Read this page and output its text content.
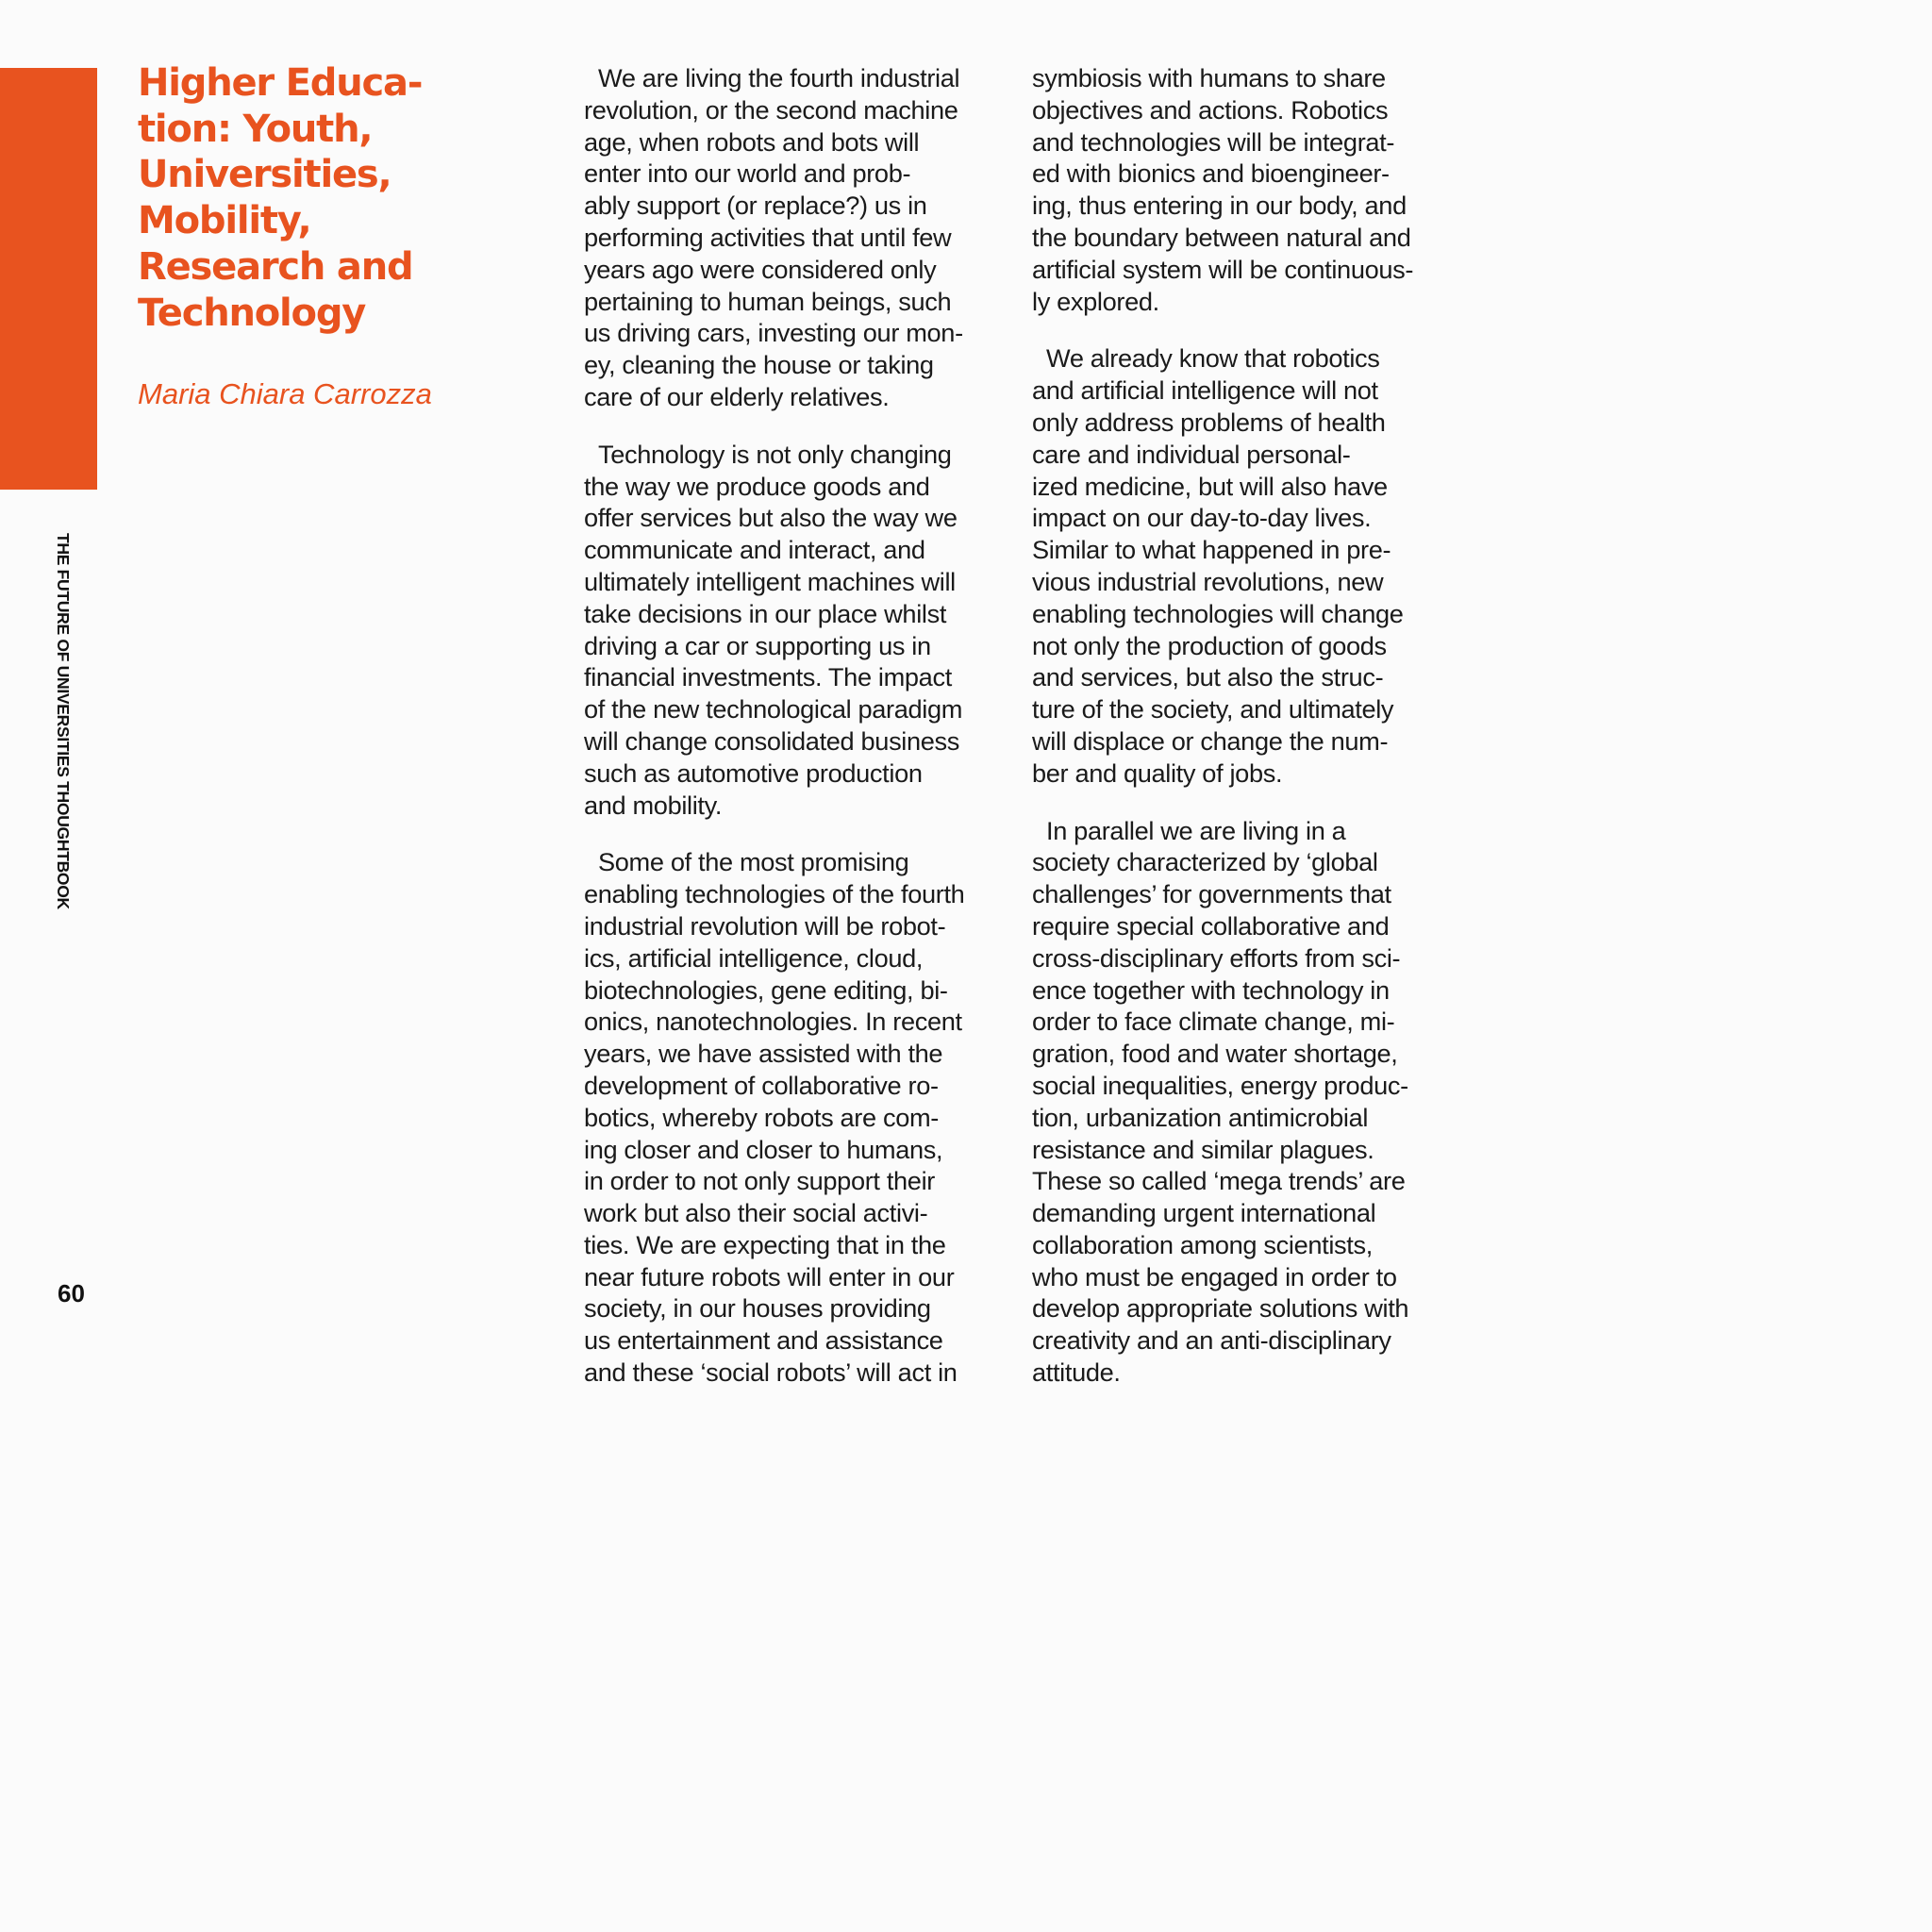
THE FUTURE OF UNIVERSITIES THOUGHTBOOK
60
Higher Educa-
tion: Youth,
Universities,
Mobility,
Research and
Technology
Maria Chiara Carrozza

We are living the fourth industrial
revolution, or the second machine
age, when robots and bots will
enter into our world and prob-
ably support (or replace?) us in
performing activities that until few
years ago were considered only
pertaining to human beings, such
us driving cars, investing our mon-
ey, cleaning the house or taking
care of our elderly relatives.

Technology is not only changing
the way we produce goods and
offer services but also the way we
communicate and interact, and
ultimately intelligent machines will
take decisions in our place whilst
driving a car or supporting us in
financial investments. The impact
of the new technological paradigm
will change consolidated business
such as automotive production
and mobility.

Some of the most promising
enabling technologies of the fourth
industrial revolution will be robot-
ics, artificial intelligence, cloud,
biotechnologies, gene editing, bi-
onics, nanotechnologies. In recent
years, we have assisted with the
development of collaborative ro-
botics, whereby robots are com-
ing closer and closer to humans,
in order to not only support their
work but also their social activi-
ties. We are expecting that in the
near future robots will enter in our
society, in our houses providing
us entertainment and assistance
and these ‘social robots’ will act in

symbiosis with humans to share
objectives and actions. Robotics
and technologies will be integrat-
ed with bionics and bioengineer-
ing, thus entering in our body, and
the boundary between natural and
artificial system will be continuous-
ly explored.

We already know that robotics
and artificial intelligence will not
only address problems of health
care and individual personal-
ized medicine, but will also have
impact on our day-to-day lives.
Similar to what happened in pre-
vious industrial revolutions, new
enabling technologies will change
not only the production of goods
and services, but also the struc-
ture of the society, and ultimately
will displace or change the num-
ber and quality of jobs.

In parallel we are living in a
society characterized by ‘global
challenges’ for governments that
require special collaborative and
cross-disciplinary efforts from sci-
ence together with technology in
order to face climate change, mi-
gration, food and water shortage,
social inequalities, energy produc-
tion, urbanization antimicrobial
resistance and similar plagues.
These so called ‘mega trends’ are
demanding urgent international
collaboration among scientists,
who must be engaged in order to
develop appropriate solutions with
creativity and an anti-disciplinary
attitude.
